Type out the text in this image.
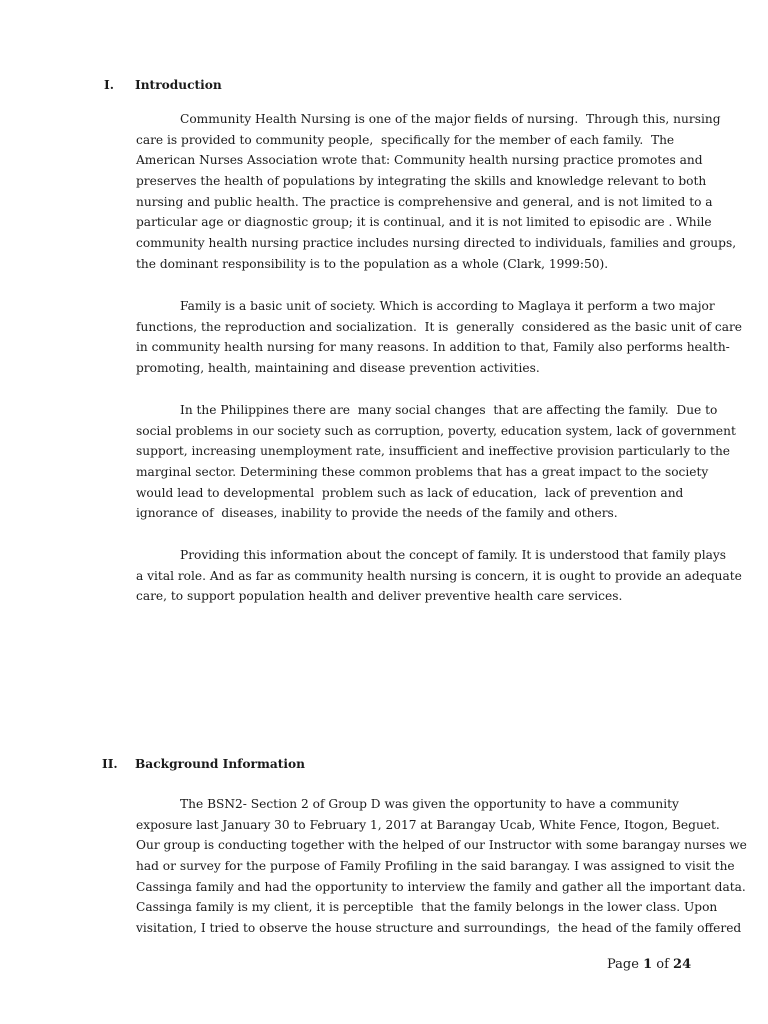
I. Introduction
Community Health Nursing is one of the major fields of nursing.  Through this, nursing
care is provided to community people,  specifically for the member of each family.  The
American Nurses Association wrote that: Community health nursing practice promotes and
preserves the health of populations by integrating the skills and knowledge relevant to both
nursing and public health. The practice is comprehensive and general, and is not limited to a
particular age or diagnostic group; it is continual, and it is not limited to episodic are . While
community health nursing practice includes nursing directed to individuals, families and groups,
the dominant responsibility is to the population as a whole (Clark, 1999:50).
Family is a basic unit of society. Which is according to Maglaya it perform a two major
functions, the reproduction and socialization.  It is  generally  considered as the basic unit of care
in community health nursing for many reasons. In addition to that, Family also performs health-
promoting, health, maintaining and disease prevention activities.
In the Philippines there are  many social changes  that are affecting the family.  Due to
social problems in our society such as corruption, poverty, education system, lack of government
support, increasing unemployment rate, insufficient and ineffective provision particularly to the
marginal sector. Determining these common problems that has a great impact to the society
would lead to developmental  problem such as lack of education,  lack of prevention and
ignorance of  diseases, inability to provide the needs of the family and others.
Providing this information about the concept of family. It is understood that family plays
a vital role. And as far as community health nursing is concern, it is ought to provide an adequate
care, to support population health and deliver preventive health care services.
II. Background Information
The BSN2- Section 2 of Group D was given the opportunity to have a community
exposure last January 30 to February 1, 2017 at Barangay Ucab, White Fence, Itogon, Beguet.
Our group is conducting together with the helped of our Instructor with some barangay nurses we
had or survey for the purpose of Family Profiling in the said barangay. I was assigned to visit the
Cassinga family and had the opportunity to interview the family and gather all the important data.
Cassinga family is my client, it is perceptible  that the family belongs in the lower class. Upon
visitation, I tried to observe the house structure and surroundings,  the head of the family offered
Page 1 of 24
